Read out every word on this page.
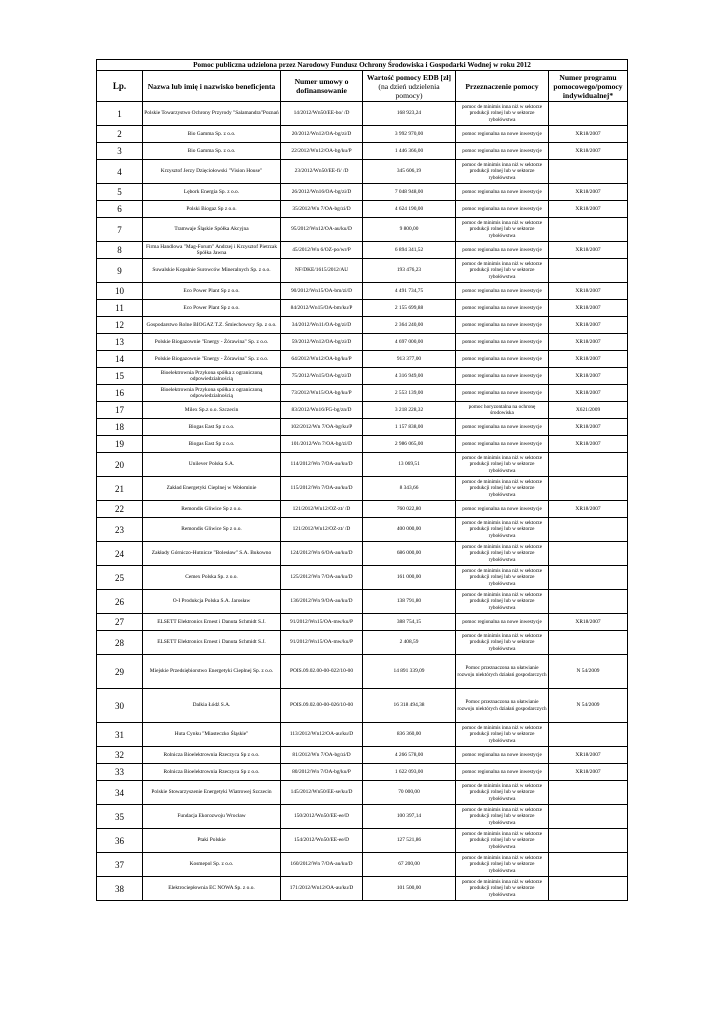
Pomoc publiczna udzielona przez Narodowy Fundusz Ochrony Środowiska i Gospodarki Wodnej w roku 2012					
Lp.	Nazwa lub imię i nazwisko beneficjenta	Numer umowy o dofinansowanie	Wartość pomocy EDB [zł]
(na dzień udzielenia pomocy)	Przeznaczenie pomocy	Numer programu pomocowego/pomocy indywidualnej*
1	Polskie Towarzystwo Ochrony Przyrody "Salamandra"Poznań	14/2012/Wn50/EE-bo/ /D	168 923,24	pomoc de minimis inna niż w sektorze produkcji rolnej lub w sektorze rybołówstwa	
2	Bio Gamma Sp. z o.o.	20/2012/Wn12/OA-bg/zi/D	3 992 970,00	pomoc regionalna na nowe inwestycje	XR18/2007
3	Bio Gamma Sp. z o.o.	22/2012/Wn12/OA-bg/ku/P	1 446 366,00	pomoc regionalna na nowe inwestycje	XR18/2007
4	Krzysztof Jerzy Dzięciołowski "Vision House"	23/2012/Wn50/EE-fi/ /D	345 606,19	pomoc de minimis inna niż w sektorze produkcji rolnej lub w sektorze rybołówstwa	
5	Lębork Energia Sp. z o.o.	26/2012/Wn16/OA-bg/zi/D	7 048 948,00	pomoc regionalna na nowe inwestycje	XR18/2007
6	Polski Biogaz Sp z o.o.	35/2012/Wn 7/OA-bg/zi/D	4 624 190,00	pomoc regionalna na nowe inwestycje	XR18/2007
7	Tramwaje Śląskie Spółka Akcyjna	95/2012/Wn12/OA-au/ku/D	9 800,00	pomoc de minimis inna niż w sektorze produkcji rolnej lub w sektorze rybołówstwa	
8	Firma Handlowa "Mag-Forum" Andrzej i Krzysztof Pietrzak Spółka Jawna	45/2012/Wn 6/OZ-po/wr/P	6 894 341,52	pomoc regionalna na nowe inwestycje	XR18/2007
9	Suwalskie Kopalnie Surowców Mineralnych Sp. z o.o.	NF/DKE/1615/2012/AU	193 476,23	pomoc de minimis inna niż w sektorze produkcji rolnej lub w sektorze rybołówstwa	
10	Eco Power Plant Sp z o.o.	90/2012/Wn15/OA-bm/zi/D	4 491 734,75	pomoc regionalna na nowe inwestycje	XR18/2007
11	Eco Power Plant Sp z o.o.	84/2012/Wn15/OA-bm/ku/P	2 155 699,88	pomoc regionalna na nowe inwestycje	XR18/2007
12	Gospodarstwo Rolne BIOGAZ T.Z. Śmiechowscy Sp. z o.o.	34/2012/Wn11/OA-bg/zi/D	2 364 240,00	pomoc regionalna na nowe inwestycje	XR18/2007
13	Polskie Biogazownie "Energy - Żórawina" Sp. z o.o.	59/2012/Wn12/OA-bg/zi/D	4 697 000,00	pomoc regionalna na nowe inwestycje	XR18/2007
14	Polskie Biogazownie "Energy - Żórawina" Sp. z o.o.	64/2012/Wn12/OA-bg/ku/P	913 377,00	pomoc regionalna na nowe inwestycje	XR18/2007
15	Bioelektrownia Przykona spółka z ograniczoną odpowiedzialnością	75/2012/Wn15/OA-bg/zi/D	4 316 949,00	pomoc regionalna na nowe inwestycje	XR18/2007
16	Bioelektrownia Przykona spółka z ograniczoną odpowiedzialnością	73/2012/Wn15/OA-bg/ku/P	2 553 139,00	pomoc regionalna na nowe inwestycje	XR18/2007
17	Milex Sp.z o.o. Szczecin	83/2012/Wn16/FG-bg/zn/D	3 218 228,32	pomoc horyzontalna na ochronę środowiska	X621/2009
18	Biogas East Sp z o.o.	102/2012/Wn 7/OA-bg/ku/P	1 157 838,00	pomoc regionalna na nowe inwestycje	XR18/2007
19	Biogas East Sp z o.o.	101/2012/Wn 7/OA-bg/zi/D	2 986 065,00	pomoc regionalna na nowe inwestycje	XR18/2007
20	Unilever Polska S.A.	114/2012/Wn 7/OA-au/ku/D	13 069,51	pomoc de minimis inna niż w sektorze produkcji rolnej lub w sektorze rybołówstwa	
21	Zakład Energetyki Cieplnej w Wołominie	115/2012/Wn 7/OA-au/ku/D	8 343,66	pomoc de minimis inna niż w sektorze produkcji rolnej lub w sektorze rybołówstwa	
22	Remondis Gliwice Sp z o.o.	121/2012/Wn12/OZ-zt/ /D	760 022,80	pomoc regionalna na nowe inwestycje	XR18/2007
23	Remondis Gliwice Sp z o.o.	121/2012/Wn12/OZ-zt/ /D	400 000,00	pomoc de minimis inna niż w sektorze produkcji rolnej lub w sektorze rybołówstwa	
24	Zakłady Górniczo-Hutnicze "Bolesław" S.A. Bukowno	124/2012/Wn 6/OA-au/ku/D	686 000,00	pomoc de minimis inna niż w sektorze produkcji rolnej lub w sektorze rybołówstwa	
25	Cemex Polska Sp. z o.o.	125/2012/Wn 7/OA-au/ku/D	161 000,00	pomoc de minimis inna niż w sektorze produkcji rolnej lub w sektorze rybołówstwa	
26	O-I Produkcja Polska S.A. Jarosław	136/2012/Wn 9/OA-au/ku/D	138 791,80	pomoc de minimis inna niż w sektorze produkcji rolnej lub w sektorze rybołówstwa	
27	ELSETT Elektronics Ernest i Danuta Schmidt S.J.	91/2012/Wn15/OA-mw/ku/P	388 754,15	pomoc regionalna na nowe inwestycje	XR18/2007
28	ELSETT Elektronics Ernest i Danuta Schmidt S.J.	91/2012/Wn15/OA-mw/ku/P	2 408,59	pomoc de minimis inna niż w sektorze produkcji rolnej lub w sektorze rybołówstwa	
29	Miejskie Przedsiębiorstwo Energetyki Cieplnej Sp. z o.o.	POIS.09.02.00-00-022/10-00	14 891 339,09	Pomoc przeznaczona na ułatwianie rozwoju niektórych działań gospodarczych	N 54/2009
30	Dalkia Łódź S.A.	POIS.09.02.00-00-026/10-00	16 318 494,38	Pomoc przeznaczona na ułatwianie rozwoju niektórych działań gospodarczych	N 54/2009
31	Huta Cynku "Miasteczko Śląskie"	113/2012/Wn12/OA-au/ku/D	836 360,00	pomoc de minimis inna niż w sektorze produkcji rolnej lub w sektorze rybołówstwa	
32	Rolnicza Bioelektrownia Rzeczyca Sp z o.o.	81/2012/Wn 7/OA-bg/zi/D	4 266 578,00	pomoc regionalna na nowe inwestycje	XR18/2007
33	Rolnicza Bioelektrownia Rzeczyca Sp z o.o.	80/2012/Wn 7/OA-bg/ku/P	1 622 093,00	pomoc regionalna na nowe inwestycje	XR18/2007
34	Polskie Stowarzyszenie Energetyki Wiatrowej Szczecin	145/2012/Wn50/EE-se/ku/D	70 000,00	pomoc de minimis inna niż w sektorze produkcji rolnej lub w sektorze rybołówstwa	
35	Fundacja Ekorozwoju Wrocław	150/2012/Wn50/EE-ee/D	100 397,14	pomoc de minimis inna niż w sektorze produkcji rolnej lub w sektorze rybołówstwa	
36	Ptaki Polskie	154/2012/Wn50/EE-ee/D	127 521,86	pomoc de minimis inna niż w sektorze produkcji rolnej lub w sektorze rybołówstwa	
37	Kosmepol Sp. z o.o.	160/2012/Wn 7/OA-au/ku/D	67 200,00	pomoc de minimis inna niż w sektorze produkcji rolnej lub w sektorze rybołówstwa	
38	Elektrociepłownia EC NOWA Sp. z o.o.	171/2012/Wn12/OA-au/ku/D	101 500,00	pomoc de minimis inna niż w sektorze produkcji rolnej lub w sektorze rybołówstwa	
